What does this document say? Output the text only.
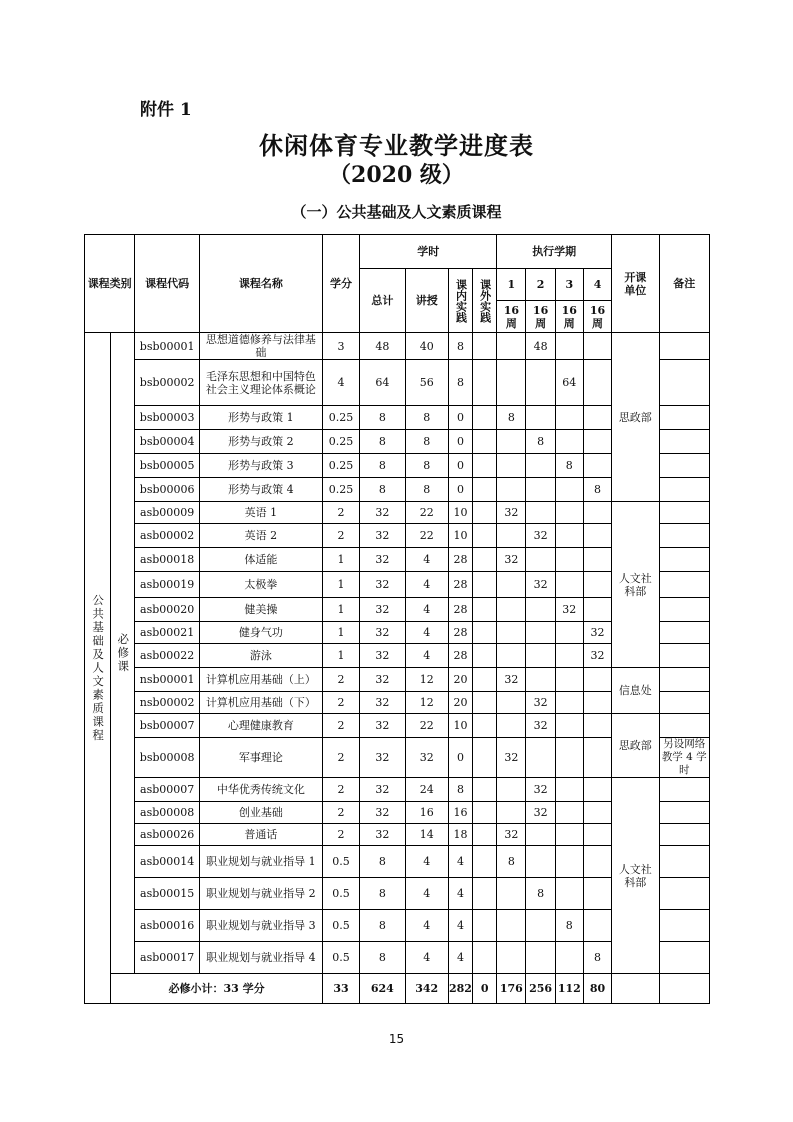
附件 1
休闲体育专业教学进度表
（2020 级）
（一）公共基础及人文素质课程
课程类别		课程代码	课程名称	学分	学时				执行学期				开课单位	备注
					总计	讲授	课内实践	课外实践	1	2	3	4		

									16周	16周	16周	16周		

公共基础及人文素质课程	必修课	bsb00001	思想道德修养与法律基础	3	48	40	8			48			思政部	
		bsb00002	毛泽东思想和中国特色社会主义理论体系概论	4	64	56	8				64			
		bsb00003	形势与政策 1	0.25	8	8	0		8					
		bsb00004	形势与政策 2	0.25	8	8	0			8				
		bsb00005	形势与政策 3	0.25	8	8	0				8			
		bsb00006	形势与政策 4	0.25	8	8	0					8		
		asb00009	英语 1	2	32	22	10		32				人文社科部	
		asb00002	英语 2	2	32	22	10			32				
		asb00018	体适能	1	32	4	28		32					
		asb00019	太极拳	1	32	4	28			32				
		asb00020	健美操	1	32	4	28				32			
		asb00021	健身气功	1	32	4	28					32		
		asb00022	游泳	1	32	4	28					32		
		nsb00001	计算机应用基础（上）	2	32	12	20		32				信息处	
		nsb00002	计算机应用基础（下）	2	32	12	20			32				
		bsb00007	心理健康教育	2	32	22	10			32			思政部	
		bsb00008	军事理论	2	32	32	0		32					另设网络教学 4 学时
		asb00007	中华优秀传统文化	2	32	24	8			32			人文社科部	
		asb00008	创业基础	2	32	16	16			32				
		asb00026	普通话	2	32	14	18		32					
		asb00014	职业规划与就业指导 1	0.5	8	4	4		8					
		asb00015	职业规划与就业指导 2	0.5	8	4	4			8				
		asb00016	职业规划与就业指导 3	0.5	8	4	4				8			
		asb00017	职业规划与就业指导 4	0.5	8	4	4					8		
	必修小计：33 学分			33	624	342	282	0	176	256	112	80		
15
